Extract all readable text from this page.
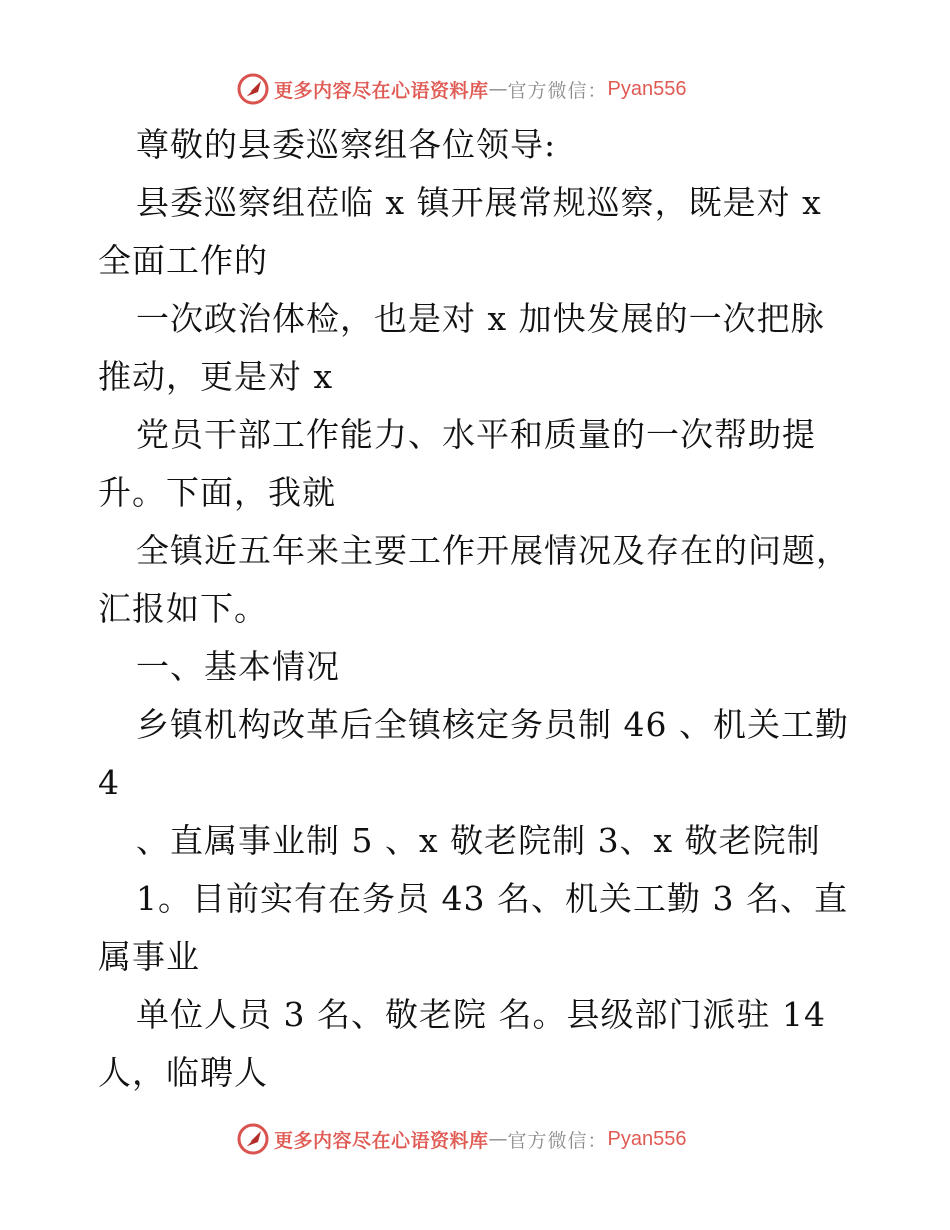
更多内容尽在心语资料库 — 官方微信： Pyan556
尊敬的县委巡察组各位领导:
县委巡察组莅临 x 镇开展常规巡察，既是对 x
全面工作的
一次政治体检，也是对 x 加快发展的一次把脉
推动，更是对 x
党员干部工作能力、水平和质量的一次帮助提
升。下面，我就
全镇近五年来主要工作开展情况及存在的问题，
汇报如下。
一、基本情况
乡镇机构改革后全镇核定务员制 46 、机关工勤
4
、直属事业制 5 、x 敬老院制 3、x 敬老院制
1。目前实有在务员 43 名、机关工勤 3 名、直
属事业
单位人员 3 名、敬老院 名。县级部门派驻 14
人，临聘人
更多内容尽在心语资料库 — 官方微信： Pyan556
